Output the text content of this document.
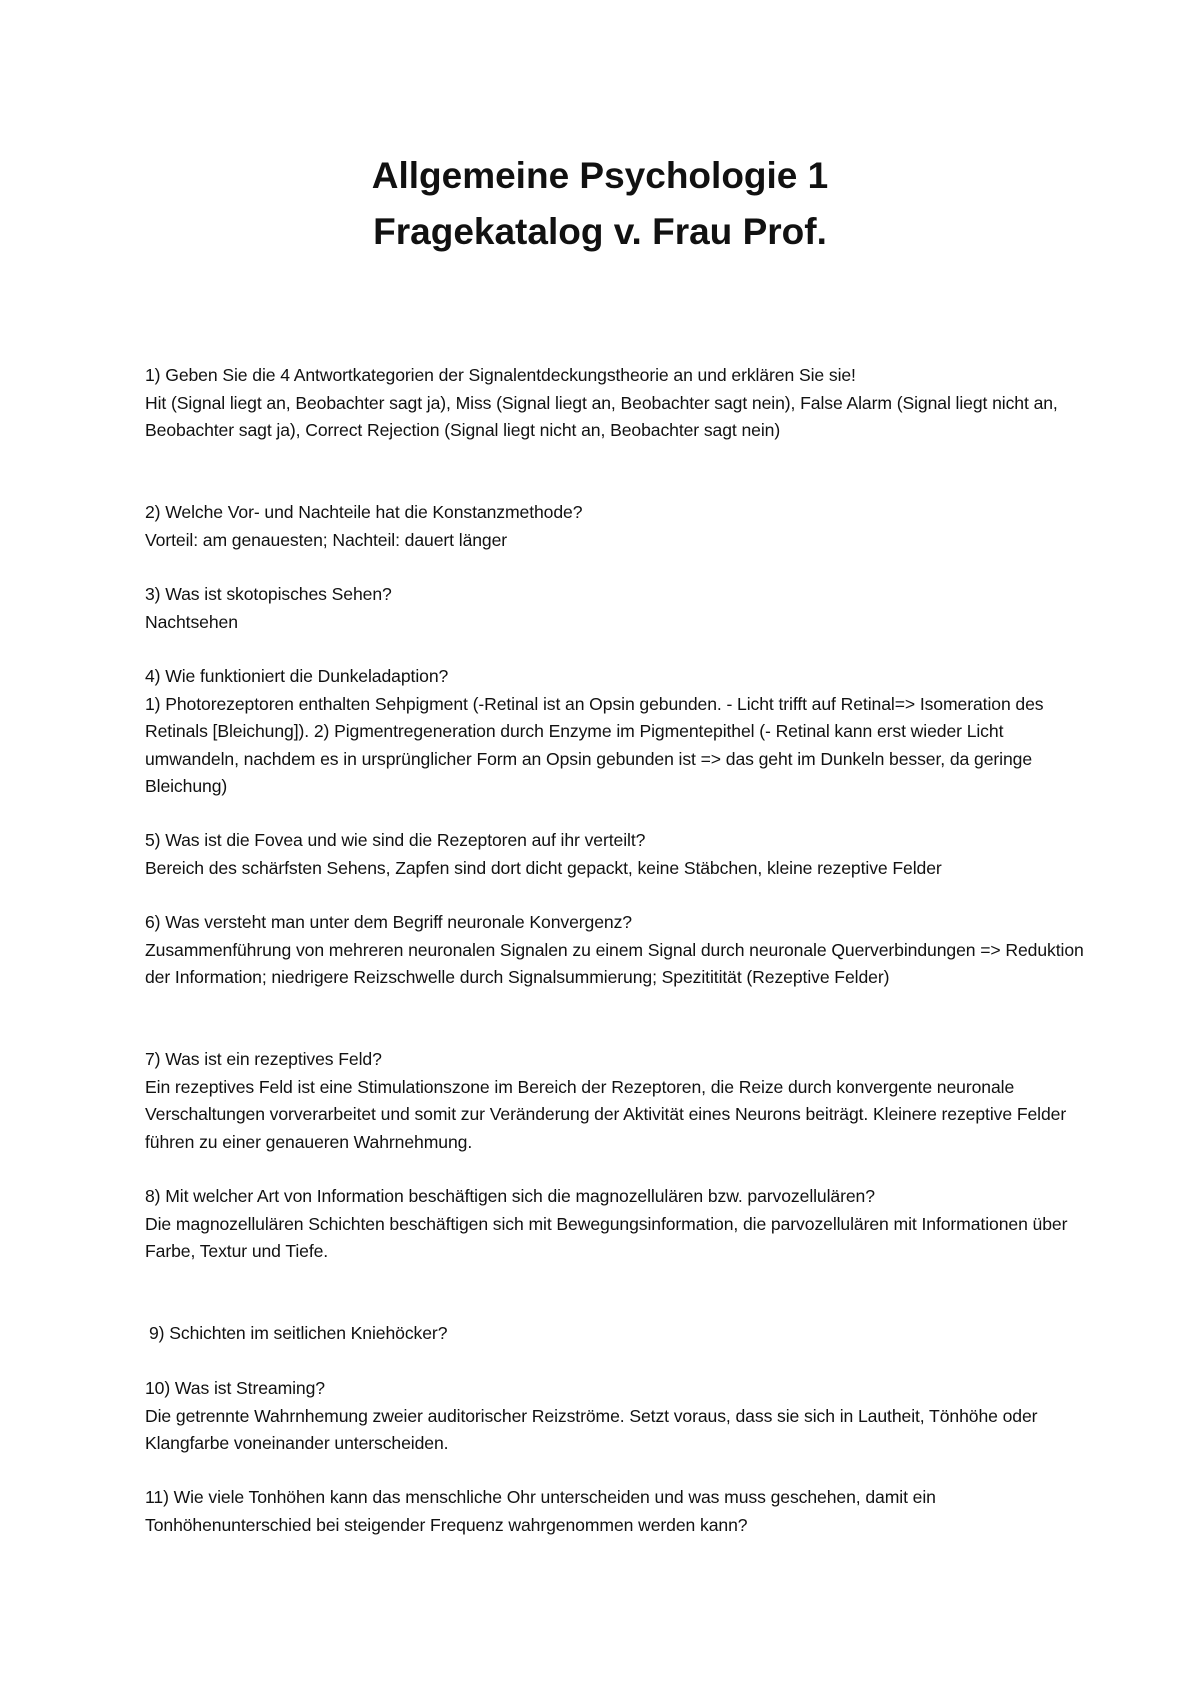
Allgemeine Psychologie 1
Fragekatalog v. Frau Prof.
1) Geben Sie die 4 Antwortkategorien der Signalentdeckungstheorie an und erklären Sie sie!
Hit (Signal liegt an, Beobachter sagt ja), Miss (Signal liegt an, Beobachter sagt nein), False Alarm (Signal liegt nicht an, Beobachter sagt ja), Correct Rejection (Signal liegt nicht an, Beobachter sagt nein)
2) Welche Vor- und Nachteile hat die Konstanzmethode?
Vorteil: am genauesten; Nachteil: dauert länger
3) Was ist skotopisches Sehen?
Nachtsehen
4) Wie funktioniert die Dunkeladaption?
1) Photorezeptoren enthalten Sehpigment (-Retinal ist an Opsin gebunden. - Licht trifft auf Retinal=> Isomeration des Retinals [Bleichung]). 2) Pigmentregeneration durch Enzyme im Pigmentepithel (- Retinal kann erst wieder Licht umwandeln, nachdem es in ursprünglicher Form an Opsin gebunden ist => das geht im Dunkeln besser, da geringe Bleichung)
5) Was ist die Fovea und wie sind die Rezeptoren auf ihr verteilt?
Bereich des schärfsten Sehens, Zapfen sind dort dicht gepackt, keine Stäbchen, kleine rezeptive Felder
6) Was versteht man unter dem Begriff neuronale Konvergenz?
Zusammenführung von mehreren neuronalen Signalen zu einem Signal durch neuronale Querverbindungen => Reduktion der Information; niedrigere Reizschwelle durch Signalsummierung; Spezititität (Rezeptive Felder)
7) Was ist ein rezeptives Feld?
Ein rezeptives Feld ist eine Stimulationszone im Bereich der Rezeptoren, die Reize durch konvergente neuronale Verschaltungen vorverarbeitet und somit zur Veränderung der Aktivität eines Neurons beiträgt. Kleinere rezeptive Felder führen zu einer genaueren Wahrnehmung.
8) Mit welcher Art von Information beschäftigen sich die magnozellulären bzw. parvozellulären?
Die magnozellulären Schichten beschäftigen sich mit Bewegungsinformation, die parvozellulären mit Informationen über Farbe, Textur und Tiefe.
9) Schichten im seitlichen Kniehöcker?
10) Was ist Streaming?
Die getrennte Wahrnhemung zweier auditorischer Reizströme. Setzt voraus, dass sie sich in Lautheit, Tönhöhe oder Klangfarbe voneinander unterscheiden.
11) Wie viele Tonhöhen kann das menschliche Ohr unterscheiden und was muss geschehen, damit ein Tonhöhenunterschied bei steigender Frequenz wahrgenommen werden kann?
